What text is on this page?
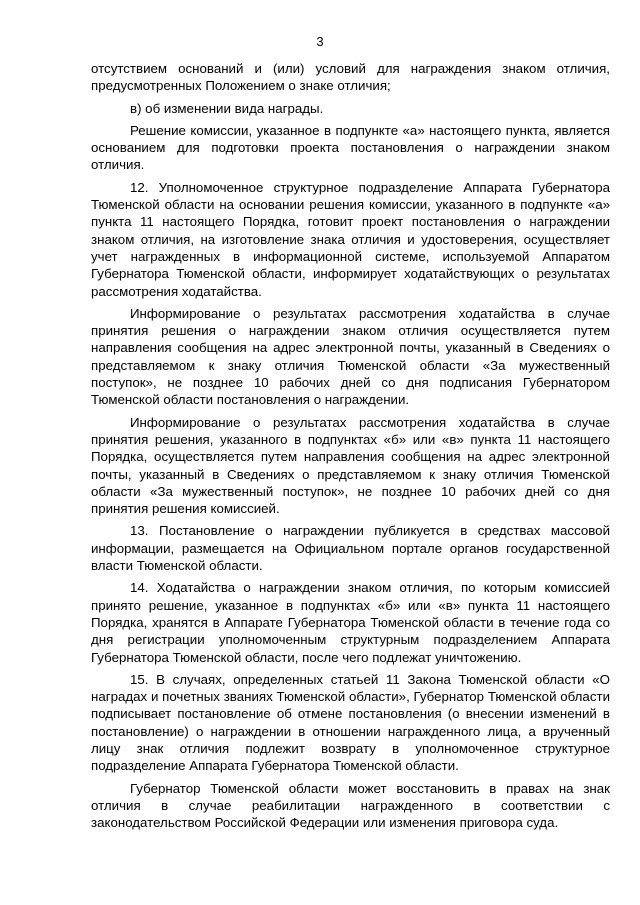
3

отсутствием оснований и (или) условий для награждения знаком отличия, предусмотренных Положением о знаке отличия;

в) об изменении вида награды.

Решение комиссии, указанное в подпункте «а» настоящего пункта, является основанием для подготовки проекта постановления о награждении знаком отличия.

12. Уполномоченное структурное подразделение Аппарата Губернатора Тюменской области на основании решения комиссии, указанного в подпункте «а» пункта 11 настоящего Порядка, готовит проект постановления о награждении знаком отличия, на изготовление знака отличия и удостоверения, осуществляет учет награжденных в информационной системе, используемой Аппаратом Губернатора Тюменской области, информирует ходатайствующих о результатах рассмотрения ходатайства.

Информирование о результатах рассмотрения ходатайства в случае принятия решения о награждении знаком отличия осуществляется путем направления сообщения на адрес электронной почты, указанный в Сведениях о представляемом к знаку отличия Тюменской области «За мужественный поступок», не позднее 10 рабочих дней со дня подписания Губернатором Тюменской области постановления о награждении.

Информирование о результатах рассмотрения ходатайства в случае принятия решения, указанного в подпунктах «б» или «в» пункта 11 настоящего Порядка, осуществляется путем направления сообщения на адрес электронной почты, указанный в Сведениях о представляемом к знаку отличия Тюменской области «За мужественный поступок», не позднее 10 рабочих дней со дня принятия решения комиссией.

13. Постановление о награждении публикуется в средствах массовой информации, размещается на Официальном портале органов государственной власти Тюменской области.

14. Ходатайства о награждении знаком отличия, по которым комиссией принято решение, указанное в подпунктах «б» или «в» пункта 11 настоящего Порядка, хранятся в Аппарате Губернатора Тюменской области в течение года со дня регистрации уполномоченным структурным подразделением Аппарата Губернатора Тюменской области, после чего подлежат уничтожению.

15. В случаях, определенных статьей 11 Закона Тюменской области «О наградах и почетных званиях Тюменской области», Губернатор Тюменской области подписывает постановление об отмене постановления (о внесении изменений в постановление) о награждении в отношении награжденного лица, а врученный лицу знак отличия подлежит возврату в уполномоченное структурное подразделение Аппарата Губернатора Тюменской области.

Губернатор Тюменской области может восстановить в правах на знак отличия в случае реабилитации награжденного в соответствии с законодательством Российской Федерации или изменения приговора суда.
